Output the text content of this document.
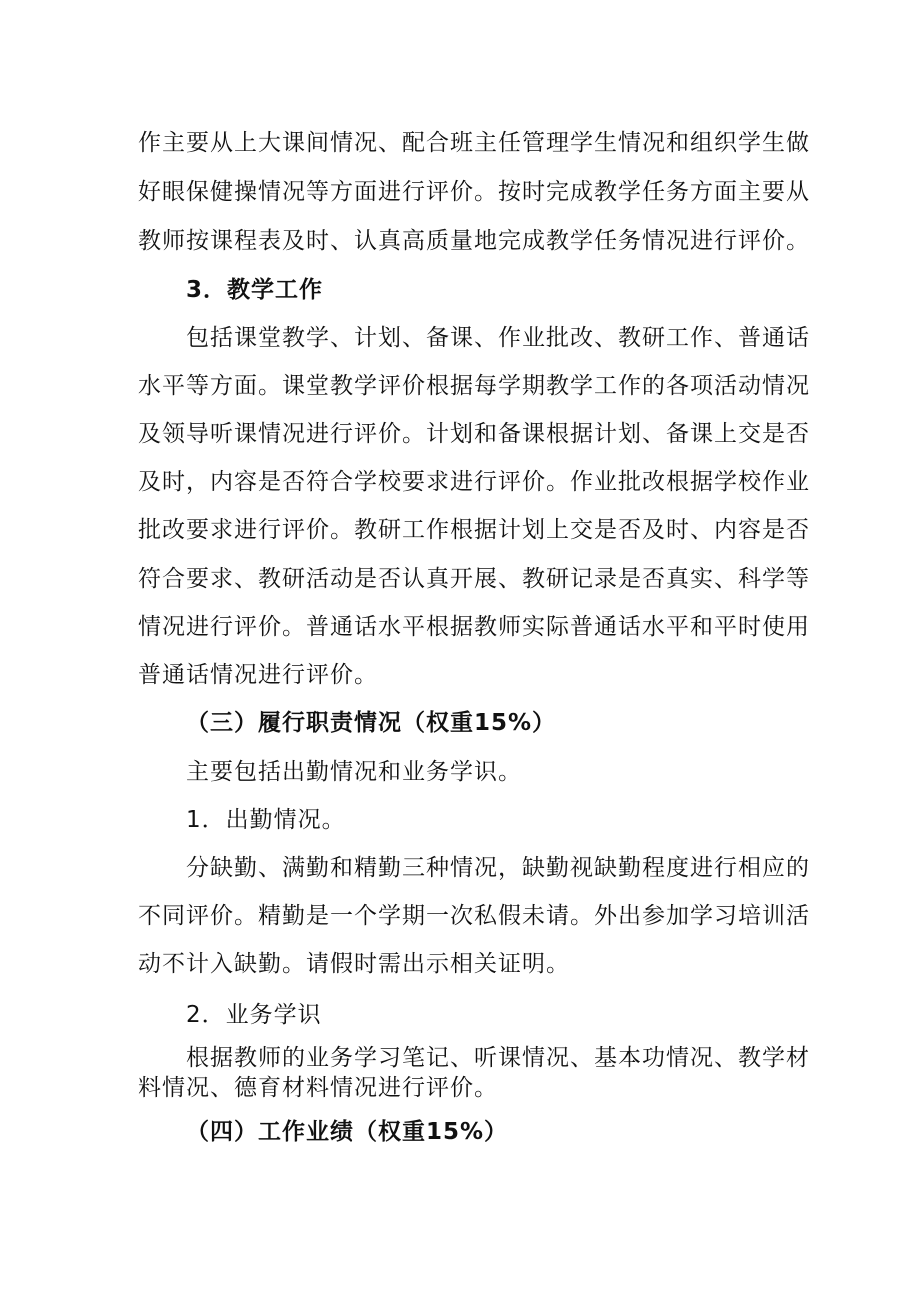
作主要从上大课间情况、配合班主任管理学生情况和组织学生做
好眼保健操情况等方面进行评价。按时完成教学任务方面主要从
教师按课程表及时、认真高质量地完成教学任务情况进行评价。
3．教学工作
包括课堂教学、计划、备课、作业批改、教研工作、普通话
水平等方面。课堂教学评价根据每学期教学工作的各项活动情况
及领导听课情况进行评价。计划和备课根据计划、备课上交是否
及时，内容是否符合学校要求进行评价。作业批改根据学校作业
批改要求进行评价。教研工作根据计划上交是否及时、内容是否
符合要求、教研活动是否认真开展、教研记录是否真实、科学等
情况进行评价。普通话水平根据教师实际普通话水平和平时使用
普通话情况进行评价。
（三）履行职责情况（权重15%）
主要包括出勤情况和业务学识。
1．出勤情况。
分缺勤、满勤和精勤三种情况，缺勤视缺勤程度进行相应的
不同评价。精勤是一个学期一次私假未请。外出参加学习培训活
动不计入缺勤。请假时需出示相关证明。
2．业务学识
根据教师的业务学习笔记、听课情况、基本功情况、教学材
料情况、德育材料情况进行评价。
（四）工作业绩（权重15%）
